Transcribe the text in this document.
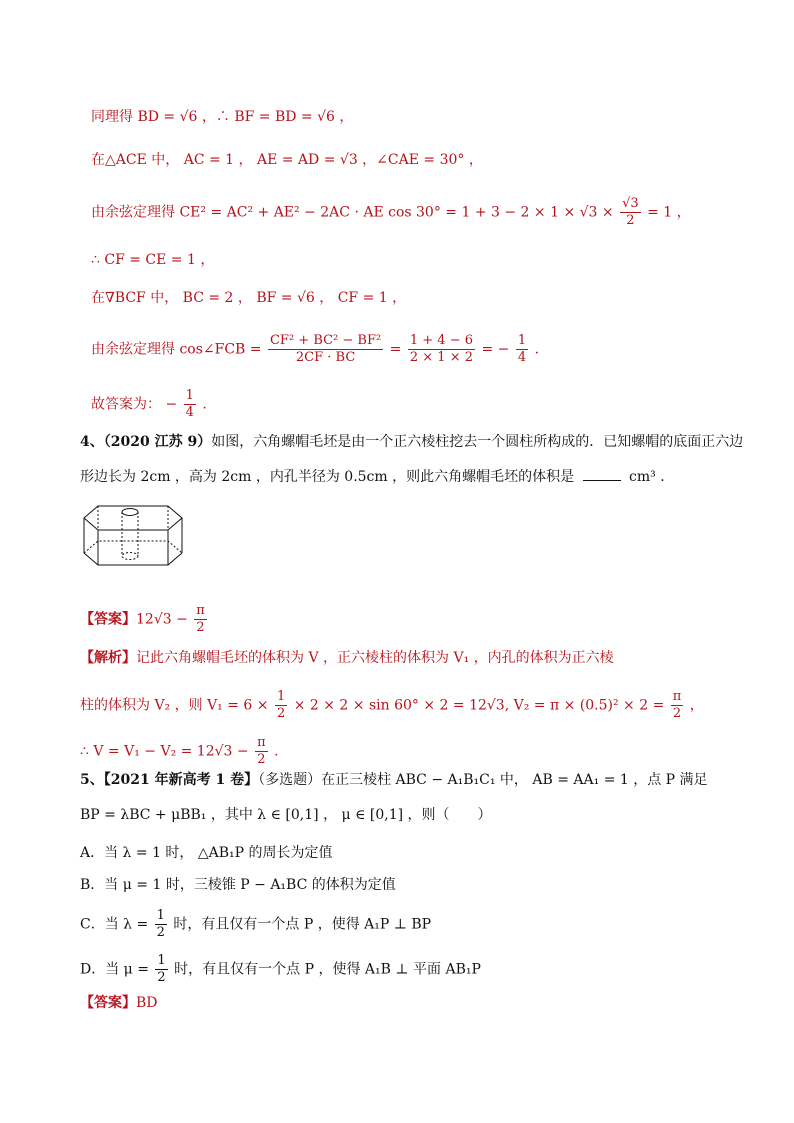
同理得 BD = √6 ，∴ BF = BD = √6 ，
在△ACE 中， AC = 1 ， AE = AD = √3 ，∠CAE = 30° ，
由余弦定理得 CE² = AC² + AE² − 2AC · AE $\cos 30^\circ = 1 + 3 - 2 \times 1 \times √3 \times \frac{√3}{2} = 1$ ，
∴ CF = CE = 1 ，
在∇BCF 中， BC = 2 ， BF = √6 ， CF = 1 ，
由余弦定理得 cos∠FCB = $\frac{\text{CF² + BC² − BF²}}{2CF \cdot BC} = \frac{1 + 4 - 6}{2 \times 1 \times 2}$ = − $\frac{1}{4}$ .
故答案为： − $\frac{1}{4}$ .
4、（2020 江苏 9）如图，六角螺帽毛坯是由一个正六棱柱挖去一个圆柱所构成的．已知螺帽的底面正六边
形边长为 2cm ，高为 2cm ，内孔半径为 0.5cm ，则此六角螺帽毛坯的体积是	cm³ ．
【答案】$12√3 - \frac{\pi}{2}$
【解析】记此六角螺帽毛坯的体积为 V ，正六棱柱的体积为 V₁ ，内孔的体积为正六棱
柱的体积为 V₂ ，则 $V_1 = 6 \times \frac{1}{2} \times 2 \times 2 \times \sin 60^\circ \times 2 = 12√3$, $V_2 = \pi \times (0.5)^2 \times 2 = \frac{\pi}{2}$ ，
∴ $V = V_1 - V_2 = 12√3 - \frac{\pi}{2}$ .
5、【2021 年新高考 1 卷】（多选题）在正三棱柱 ABC − A₁B₁C₁ 中， AB = AA₁ = 1 ，点 P 满足
BP = λBC + μBB₁ ，其中 λ ∈ [0,1] ， μ ∈ [0,1] ，则（　　）
A．当 λ = 1 时， △AB₁P 的周长为定值
B．当 μ = 1 时，三棱锥 P − A₁BC 的体积为定值
C．当 $\lambda = \frac{1}{2}$ 时，有且仅有一个点 P ，使得 A₁P ⊥ BP
D．当 $\mu = \frac{1}{2}$ 时，有且仅有一个点 P ，使得 A₁B ⊥ 平面 AB₁P
【答案】BD
